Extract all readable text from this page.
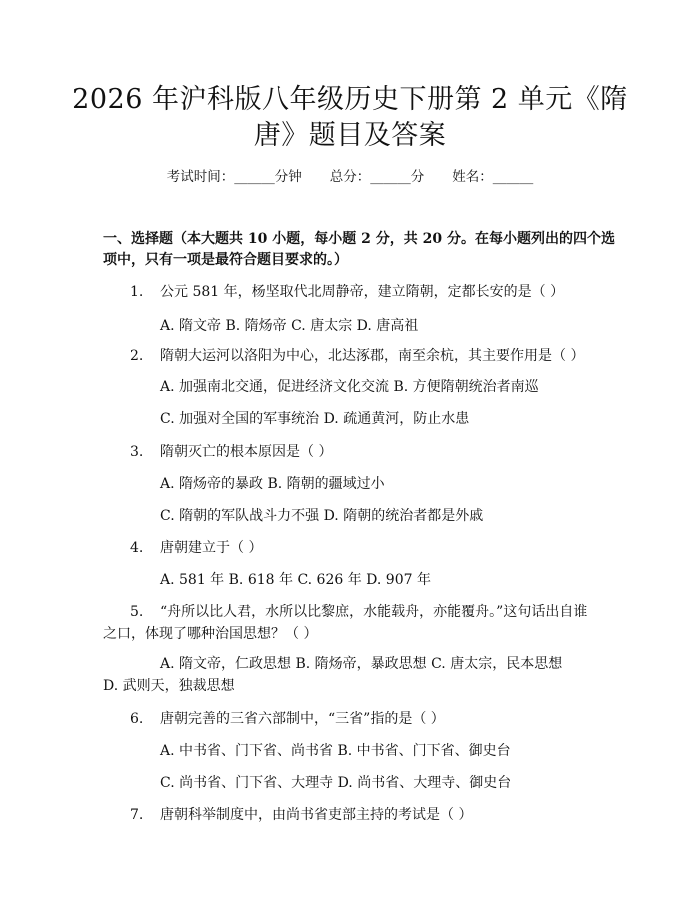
2026 年沪科版八年级历史下册第 2 单元《隋
唐》题目及答案
考试时间：______分钟 总分：______分 姓名：______
一、选择题（本大题共 10 小题，每小题 2 分，共 20 分。在每小题列出的四个选
项中，只有一项是最符合题目要求的。）
1. 公元 581 年，杨坚取代北周静帝，建立隋朝，定都长安的是（ ）
A. 隋文帝 B. 隋炀帝 C. 唐太宗 D. 唐高祖
2. 隋朝大运河以洛阳为中心，北达涿郡，南至余杭，其主要作用是（ ）
A. 加强南北交通，促进经济文化交流 B. 方便隋朝统治者南巡
C. 加强对全国的军事统治 D. 疏通黄河，防止水患
3. 隋朝灭亡的根本原因是（ ）
A. 隋炀帝的暴政 B. 隋朝的疆域过小
C. 隋朝的军队战斗力不强 D. 隋朝的统治者都是外戚
4. 唐朝建立于（ ）
A. 581 年 B. 618 年 C. 626 年 D. 907 年
5. “舟所以比人君，水所以比黎庶，水能载舟，亦能覆舟。”这句话出自谁
之口，体现了哪种治国思想？（ ）
A. 隋文帝，仁政思想 B. 隋炀帝，暴政思想 C. 唐太宗，民本思想
D. 武则天，独裁思想
6. 唐朝完善的三省六部制中，“三省”指的是（ ）
A. 中书省、门下省、尚书省 B. 中书省、门下省、御史台
C. 尚书省、门下省、大理寺 D. 尚书省、大理寺、御史台
7. 唐朝科举制度中，由尚书省吏部主持的考试是（ ）
